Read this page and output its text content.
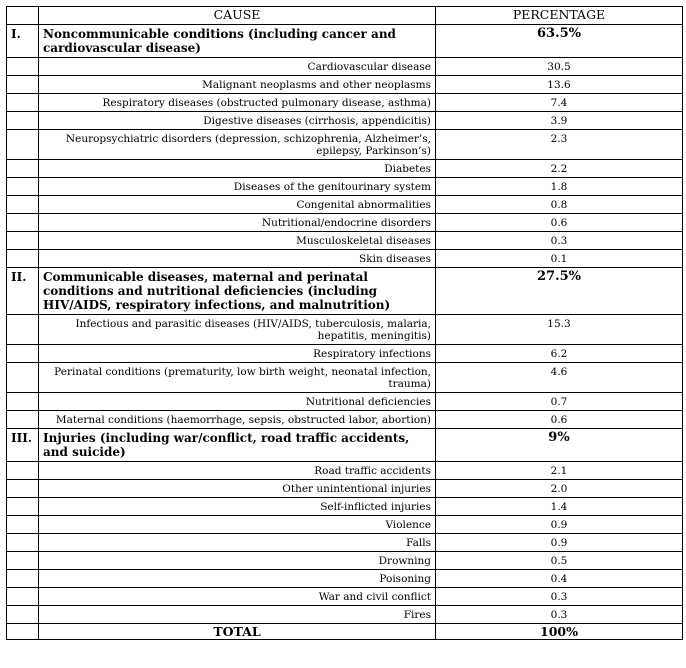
	CAUSE	PERCENTAGE
I.	Noncommunicable conditions (including cancer and cardiovascular disease)	63.5%
	Cardiovascular disease	30.5
	Malignant neoplasms and other neoplasms	13.6
	Respiratory diseases (obstructed pulmonary disease, asthma)	7.4
	Digestive diseases (cirrhosis, appendicitis)	3.9
	Neuropsychiatric disorders (depression, schizophrenia, Alzheimer’s, epilepsy, Parkinson’s)	2.3
	Diabetes	2.2
	Diseases of the genitourinary system	1.8
	Congenital abnormalities	0.8
	Nutritional/endocrine disorders	0.6
	Musculoskeletal diseases	0.3
	Skin diseases	0.1
II.	Communicable diseases, maternal and perinatal conditions and nutritional deficiencies (including HIV/AIDS, respiratory infections, and malnutrition)	27.5%
	Infectious and parasitic diseases (HIV/AIDS, tuberculosis, malaria, hepatitis, meningitis)	15.3
	Respiratory infections	6.2
	Perinatal conditions (prematurity, low birth weight, neonatal infection, trauma)	4.6
	Nutritional deficiencies	0.7
	Maternal conditions (haemorrhage, sepsis, obstructed labor, abortion)	0.6
III.	Injuries (including war/conflict, road traffic accidents, and suicide)	9%
	Road traffic accidents	2.1
	Other unintentional injuries	2.0
	Self-inflicted injuries	1.4
	Violence	0.9
	Falls	0.9
	Drowning	0.5
	Poisoning	0.4
	War and civil conflict	0.3
	Fires	0.3
	TOTAL	100%
